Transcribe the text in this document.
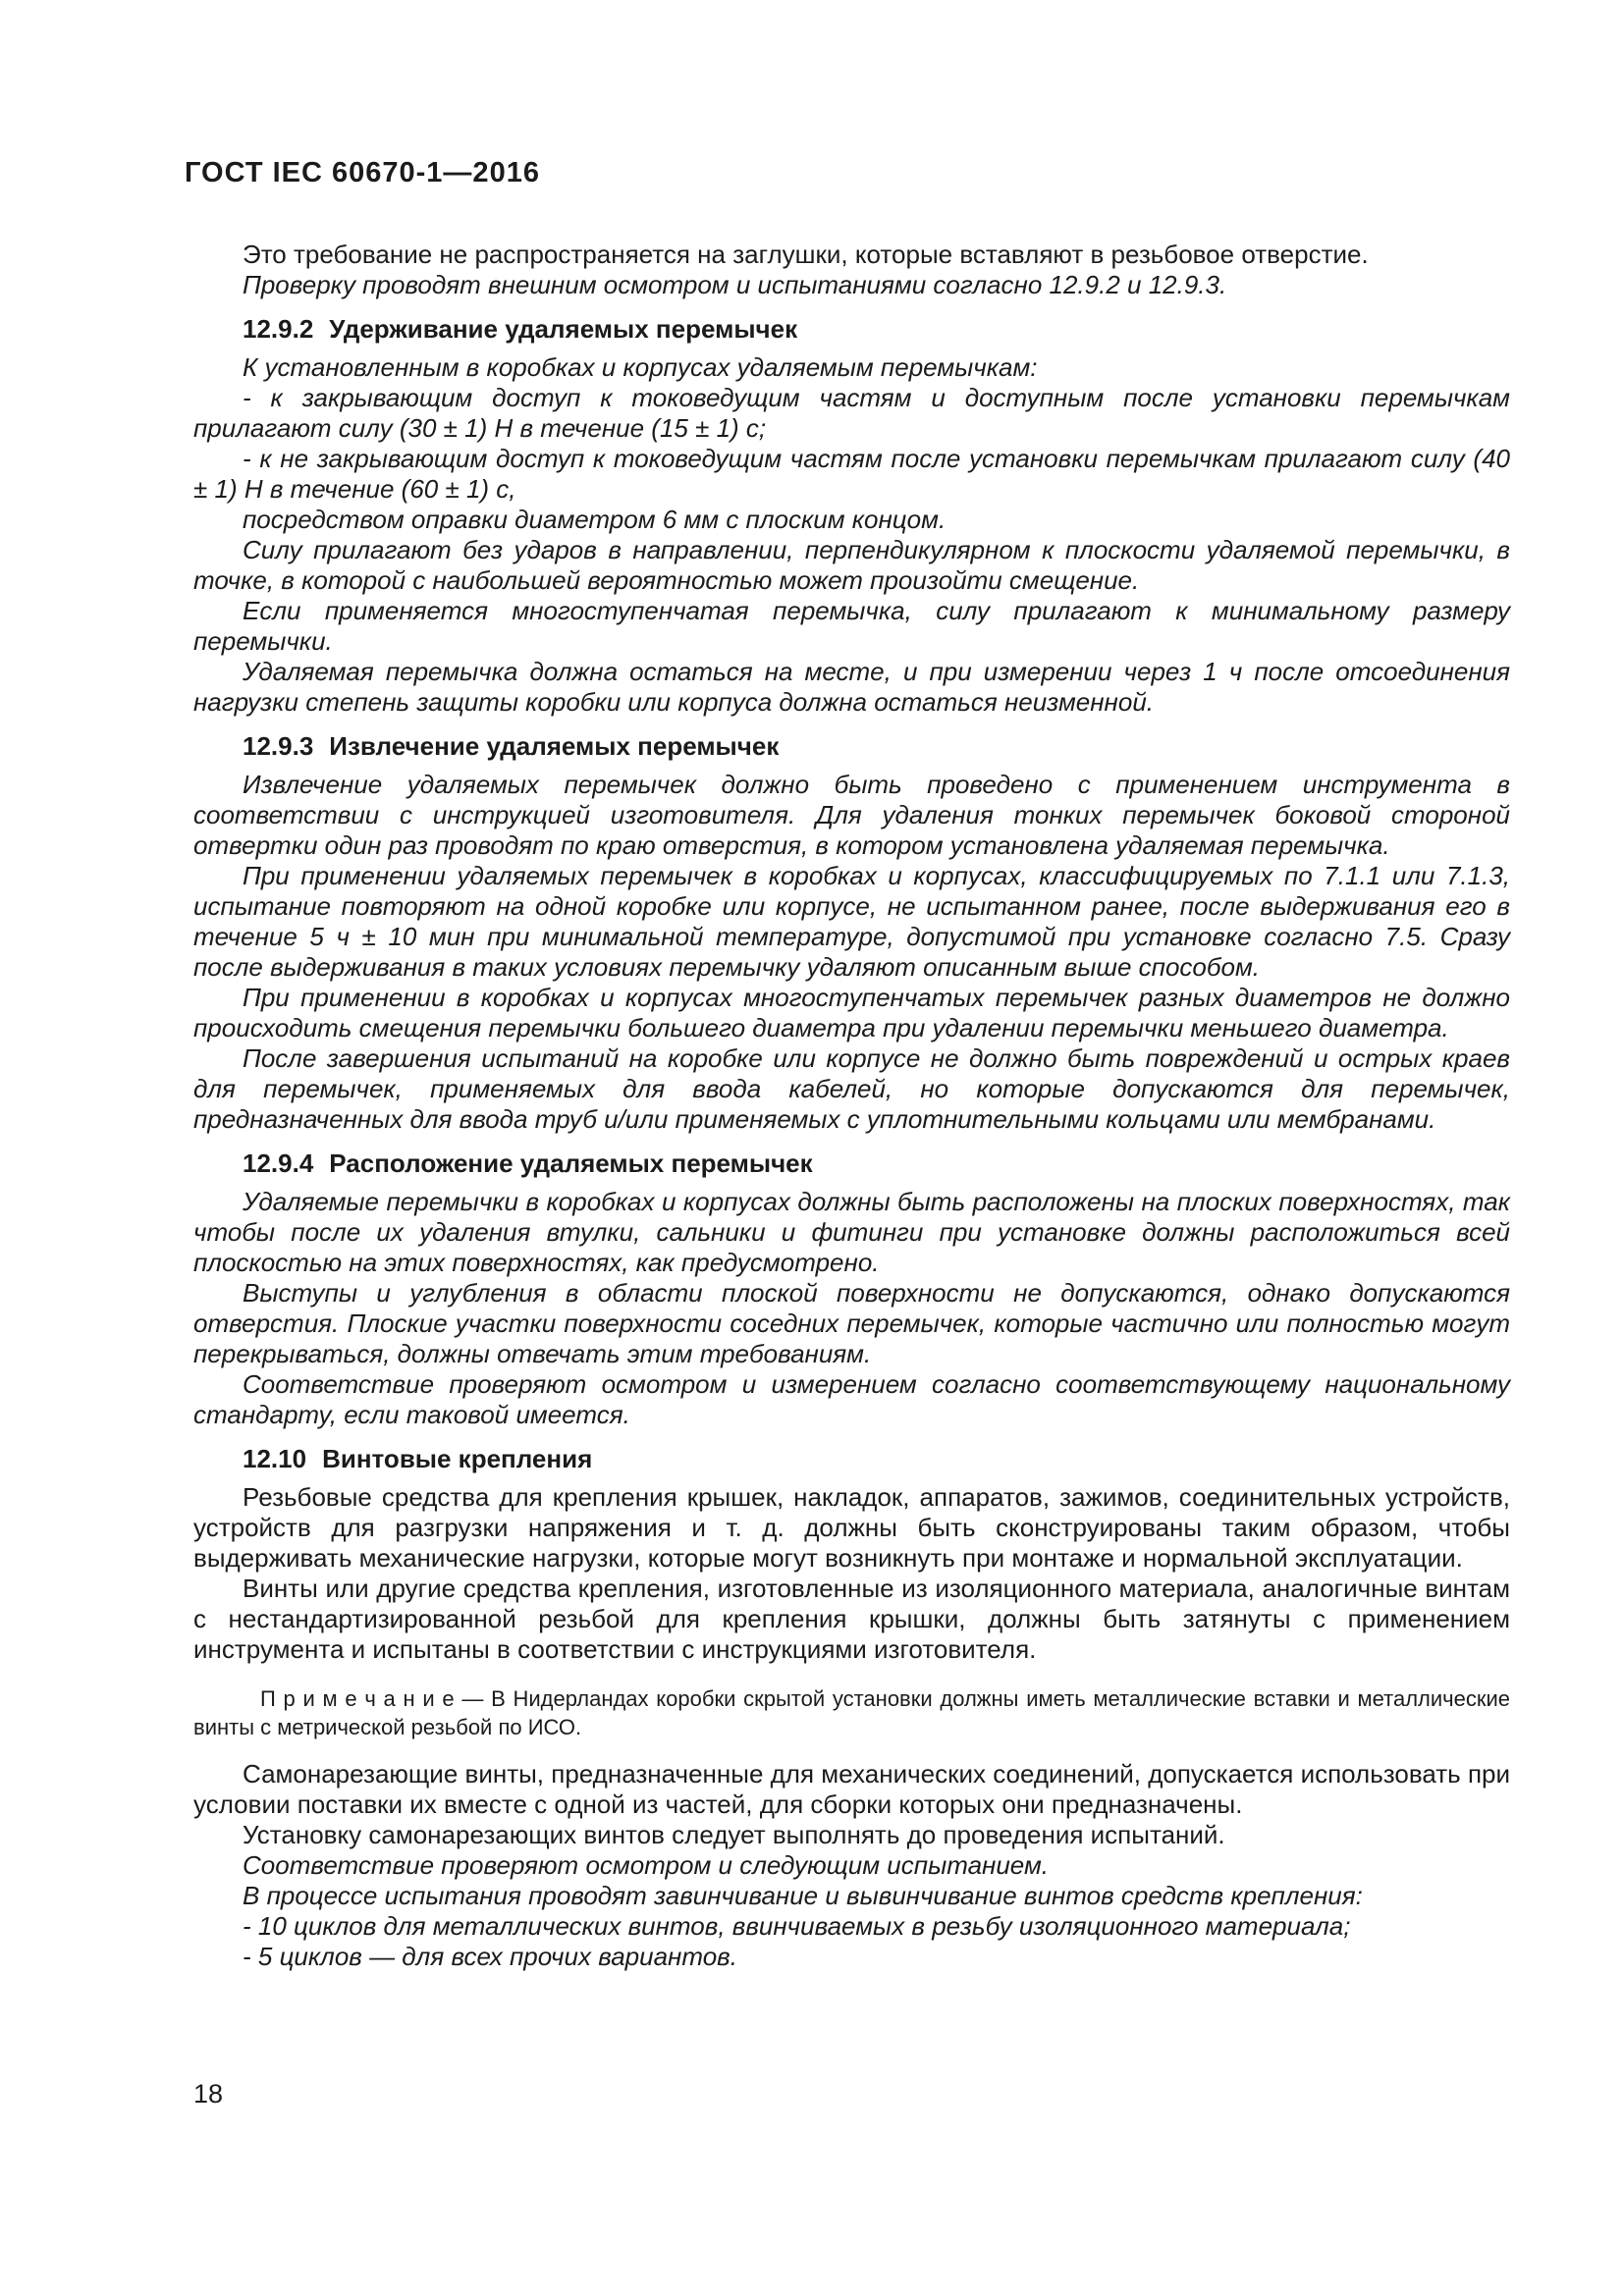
ГОСТ IEC 60670-1—2016

Это требование не распространяется на заглушки, которые вставляют в резьбовое отверстие.

Проверку проводят внешним осмотром и испытаниями согласно 12.9.2 и 12.9.3.

12.9.2 Удерживание удаляемых перемычек

К установленным в коробках и корпусах удаляемым перемычкам:

- к закрывающим доступ к токоведущим частям и доступным после установки перемычкам прилагают силу (30 ± 1) Н в течение (15 ± 1) с;

- к не закрывающим доступ к токоведущим частям после установки перемычкам прилагают силу (40 ± 1) Н в течение (60 ± 1) с,

посредством оправки диаметром 6 мм с плоским концом.

Силу прилагают без ударов в направлении, перпендикулярном к плоскости удаляемой перемычки, в точке, в которой с наибольшей вероятностью может произойти смещение.

Если применяется многоступенчатая перемычка, силу прилагают к минимальному размеру перемычки.

Удаляемая перемычка должна остаться на месте, и при измерении через 1 ч после отсоединения нагрузки степень защиты коробки или корпуса должна остаться неизменной.

12.9.3 Извлечение удаляемых перемычек

Извлечение удаляемых перемычек должно быть проведено с применением инструмента в соответствии с инструкцией изготовителя. Для удаления тонких перемычек боковой стороной отвертки один раз проводят по краю отверстия, в котором установлена удаляемая перемычка.

При применении удаляемых перемычек в коробках и корпусах, классифицируемых по 7.1.1 или 7.1.3, испытание повторяют на одной коробке или корпусе, не испытанном ранее, после выдерживания его в течение 5 ч ± 10 мин при минимальной температуре, допустимой при установке согласно 7.5. Сразу после выдерживания в таких условиях перемычку удаляют описанным выше способом.

При применении в коробках и корпусах многоступенчатых перемычек разных диаметров не должно происходить смещения перемычки большего диаметра при удалении перемычки меньшего диаметра.

После завершения испытаний на коробке или корпусе не должно быть повреждений и острых краев для перемычек, применяемых для ввода кабелей, но которые допускаются для перемычек, предназначенных для ввода труб и/или применяемых с уплотнительными кольцами или мембранами.

12.9.4 Расположение удаляемых перемычек

Удаляемые перемычки в коробках и корпусах должны быть расположены на плоских поверхностях, так чтобы после их удаления втулки, сальники и фитинги при установке должны расположиться всей плоскостью на этих поверхностях, как предусмотрено.

Выступы и углубления в области плоской поверхности не допускаются, однако допускаются отверстия. Плоские участки поверхности соседних перемычек, которые частично или полностью могут перекрываться, должны отвечать этим требованиям.

Соответствие проверяют осмотром и измерением согласно соответствующему национальному стандарту, если таковой имеется.

12.10 Винтовые крепления

Резьбовые средства для крепления крышек, накладок, аппаратов, зажимов, соединительных устройств, устройств для разгрузки напряжения и т. д. должны быть сконструированы таким образом, чтобы выдерживать механические нагрузки, которые могут возникнуть при монтаже и нормальной эксплуатации.

Винты или другие средства крепления, изготовленные из изоляционного материала, аналогичные винтам с нестандартизированной резьбой для крепления крышки, должны быть затянуты с применением инструмента и испытаны в соответствии с инструкциями изготовителя.

П р и м е ч а н и е — В Нидерландах коробки скрытой установки должны иметь металлические вставки и металлические винты с метрической резьбой по ИСО.

Самонарезающие винты, предназначенные для механических соединений, допускается использовать при условии поставки их вместе с одной из частей, для сборки которых они предназначены.

Установку самонарезающих винтов следует выполнять до проведения испытаний.

Соответствие проверяют осмотром и следующим испытанием.

В процессе испытания проводят завинчивание и вывинчивание винтов средств крепления:

- 10 циклов для металлических винтов, ввинчиваемых в резьбу изоляционного материала;

- 5 циклов — для всех прочих вариантов.

18
